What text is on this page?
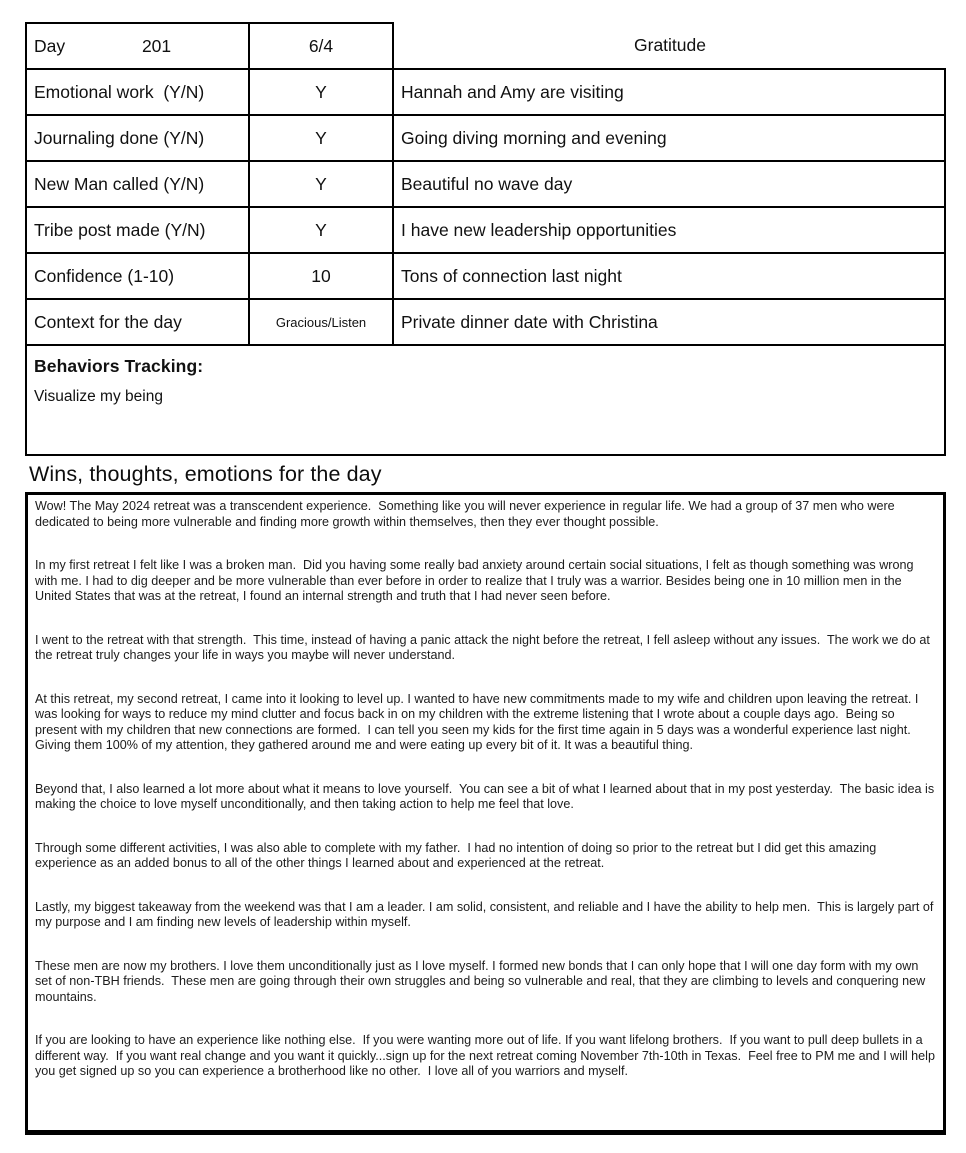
Day	201	6/4	Gratitude
Emotional work  (Y/N)	Y	Hannah and Amy are visiting
Journaling done (Y/N)	Y	Going diving morning and evening
New Man called (Y/N)	Y	Beautiful no wave day
Tribe post made (Y/N)	Y	I have new leadership opportunities
Confidence (1-10)	10	Tons of connection last night
Context for the day	Gracious/Listen	Private dinner date with Christina
Behaviors Tracking:
Visualize my being
Wins, thoughts, emotions for the day

Wow! The May 2024 retreat was a transcendent experience.  Something like you will never experience in regular life. We had a group of 37 men who were dedicated to being more vulnerable and finding more growth within themselves, then they ever thought possible.

In my first retreat I felt like I was a broken man.  Did you having some really bad anxiety around certain social situations, I felt as though something was wrong with me. I had to dig deeper and be more vulnerable than ever before in order to realize that I truly was a warrior. Besides being one in 10 million men in the United States that was at the retreat, I found an internal strength and truth that I had never seen before.

I went to the retreat with that strength.  This time, instead of having a panic attack the night before the retreat, I fell asleep without any issues.  The work we do at the retreat truly changes your life in ways you maybe will never understand.

At this retreat, my second retreat, I came into it looking to level up. I wanted to have new commitments made to my wife and children upon leaving the retreat. I was looking for ways to reduce my mind clutter and focus back in on my children with the extreme listening that I wrote about a couple days ago.  Being so present with my children that new connections are formed.  I can tell you seen my kids for the first time again in 5 days was a wonderful experience last night. Giving them 100% of my attention, they gathered around me and were eating up every bit of it. It was a beautiful thing.

Beyond that, I also learned a lot more about what it means to love yourself.  You can see a bit of what I learned about that in my post yesterday.  The basic idea is making the choice to love myself unconditionally, and then taking action to help me feel that love.

Through some different activities, I was also able to complete with my father.  I had no intention of doing so prior to the retreat but I did get this amazing experience as an added bonus to all of the other things I learned about and experienced at the retreat.

Lastly, my biggest takeaway from the weekend was that I am a leader. I am solid, consistent, and reliable and I have the ability to help men.  This is largely part of my purpose and I am finding new levels of leadership within myself.

These men are now my brothers. I love them unconditionally just as I love myself. I formed new bonds that I can only hope that I will one day form with my own set of non-TBH friends.  These men are going through their own struggles and being so vulnerable and real, that they are climbing to levels and conquering new mountains.

If you are looking to have an experience like nothing else.  If you were wanting more out of life. If you want lifelong brothers.  If you want to pull deep bullets in a different way.  If you want real change and you want it quickly...sign up for the next retreat coming November 7th-10th in Texas.  Feel free to PM me and I will help you get signed up so you can experience a brotherhood like no other.  I love all of you warriors and myself.
